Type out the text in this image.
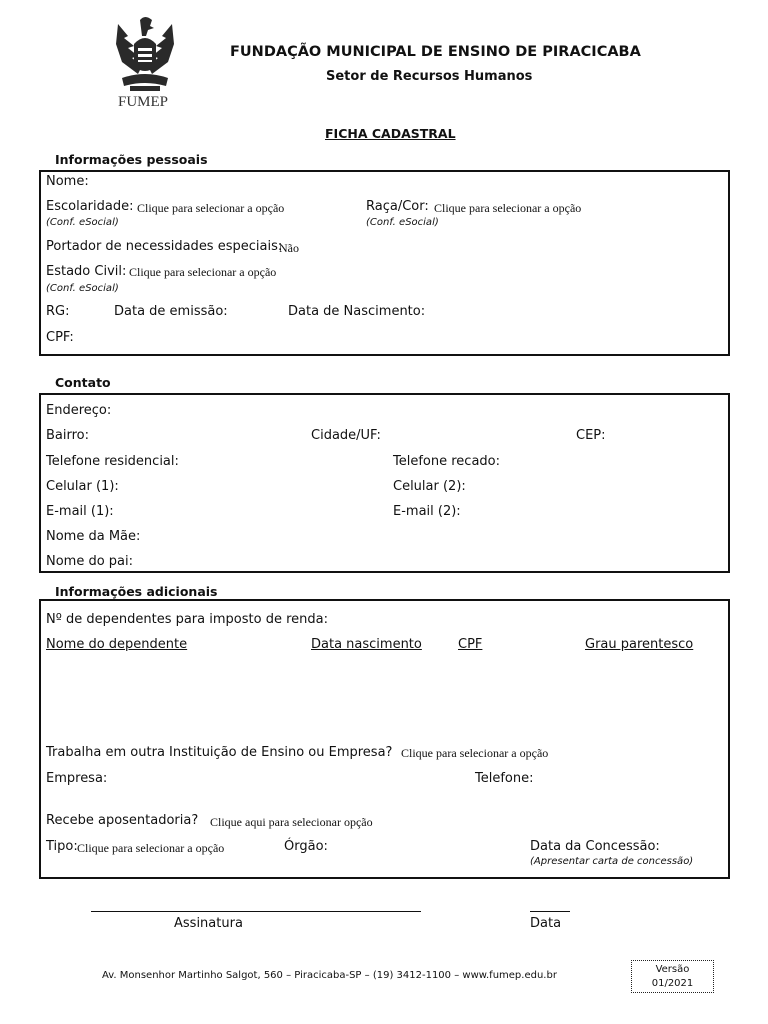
FUMEP
FUNDAÇÃO MUNICIPAL DE ENSINO DE PIRACICABA
Setor de Recursos Humanos
FICHA CADASTRAL
Informações pessoais
Nome:
Escolaridade: Clique para selecionar a opção
(Conf. eSocial)
Raça/Cor: Clique para selecionar a opção
(Conf. eSocial)
Portador de necessidades especiais:
Não
Estado Civil: Clique para selecionar a opção
(Conf. eSocial)
RG:	Data de emissão:	Data de Nascimento:
CPF:
Contato
Endereço:
Bairro:	Cidade/UF:	CEP:
Telefone residencial:	Telefone recado:
Celular (1):	Celular (2):
E-mail (1):	E-mail (2):
Nome da Mãe:
Nome do pai:
Informações adicionais
Nº de dependentes para imposto de renda:
Nome do dependente	Data nascimento	CPF	Grau parentesco
Trabalha em outra Instituição de Ensino ou Empresa? Clique para selecionar a opção
Empresa:	Telefone:
Recebe aposentadoria? Clique aqui para selecionar opção
Tipo: Clique para selecionar a opção	Órgão:	Data da Concessão:
(Apresentar carta de concessão)
Assinatura	Data
Av. Monsenhor Martinho Salgot, 560 – Piracicaba-SP – (19) 3412-1100 – www.fumep.edu.br
Versão
01/2021
